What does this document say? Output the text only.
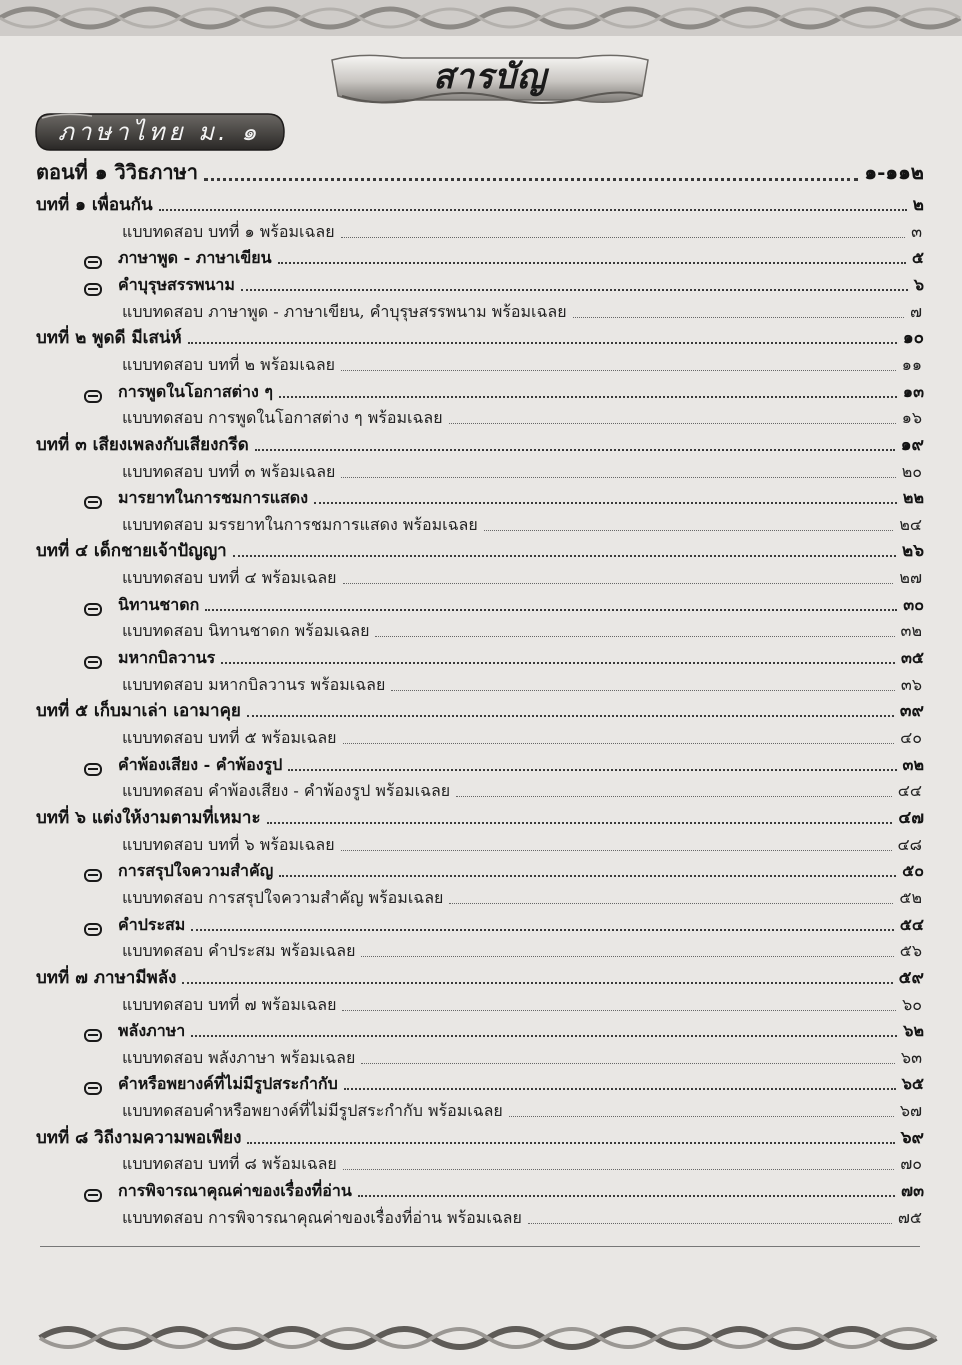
สารบัญ
ภาษาไทย ม. ๑
ตอนที่ ๑ วิวิธภาษา	๑-๑๑๒
บทที่ ๑ เพื่อนกัน	๒
แบบทดสอบ บทที่ ๑ พร้อมเฉลย	๓
ภาษาพูด - ภาษาเขียน	๕
คำบุรุษสรรพนาม	๖
แบบทดสอบ ภาษาพูด - ภาษาเขียน, คำบุรุษสรรพนาม พร้อมเฉลย	๗
บทที่ ๒ พูดดี มีเสน่ห์	๑๐
แบบทดสอบ บทที่ ๒ พร้อมเฉลย	๑๑
การพูดในโอกาสต่าง ๆ	๑๓
แบบทดสอบ การพูดในโอกาสต่าง ๆ พร้อมเฉลย	๑๖
บทที่ ๓ เสียงเพลงกับเสียงกรีด	๑๙
แบบทดสอบ บทที่ ๓ พร้อมเฉลย	๒๐
มารยาทในการชมการแสดง	๒๒
แบบทดสอบ มรรยาทในการชมการแสดง พร้อมเฉลย	๒๔
บทที่ ๔ เด็กชายเจ้าปัญญา	๒๖
แบบทดสอบ บทที่ ๔ พร้อมเฉลย	๒๗
นิทานชาดก	๓๐
แบบทดสอบ นิทานชาดก พร้อมเฉลย	๓๒
มหากบิลวานร	๓๕
แบบทดสอบ มหากบิลวานร พร้อมเฉลย	๓๖
บทที่ ๕ เก็บมาเล่า เอามาคุย	๓๙
แบบทดสอบ บทที่ ๕ พร้อมเฉลย	๔๐
คำพ้องเสียง - คำพ้องรูป	๓๒
แบบทดสอบ คำพ้องเสียง - คำพ้องรูป พร้อมเฉลย	๔๔
บทที่ ๖ แต่งให้งามตามที่เหมาะ	๔๗
แบบทดสอบ บทที่ ๖ พร้อมเฉลย	๔๘
การสรุปใจความสำคัญ	๕๐
แบบทดสอบ การสรุปใจความสำคัญ พร้อมเฉลย	๕๒
คำประสม	๕๔
แบบทดสอบ คำประสม พร้อมเฉลย	๕๖
บทที่ ๗ ภาษามีพลัง	๕๙
แบบทดสอบ บทที่ ๗ พร้อมเฉลย	๖๐
พลังภาษา	๖๒
แบบทดสอบ พลังภาษา พร้อมเฉลย	๖๓
คำหรือพยางค์ที่ไม่มีรูปสระกำกับ	๖๕
แบบทดสอบคำหรือพยางค์ที่ไม่มีรูปสระกำกับ พร้อมเฉลย	๖๗
บทที่ ๘ วิถีงามความพอเพียง	๖๙
แบบทดสอบ บทที่ ๘ พร้อมเฉลย	๗๐
การพิจารณาคุณค่าของเรื่องที่อ่าน	๗๓
แบบทดสอบ การพิจารณาคุณค่าของเรื่องที่อ่าน พร้อมเฉลย	๗๕
